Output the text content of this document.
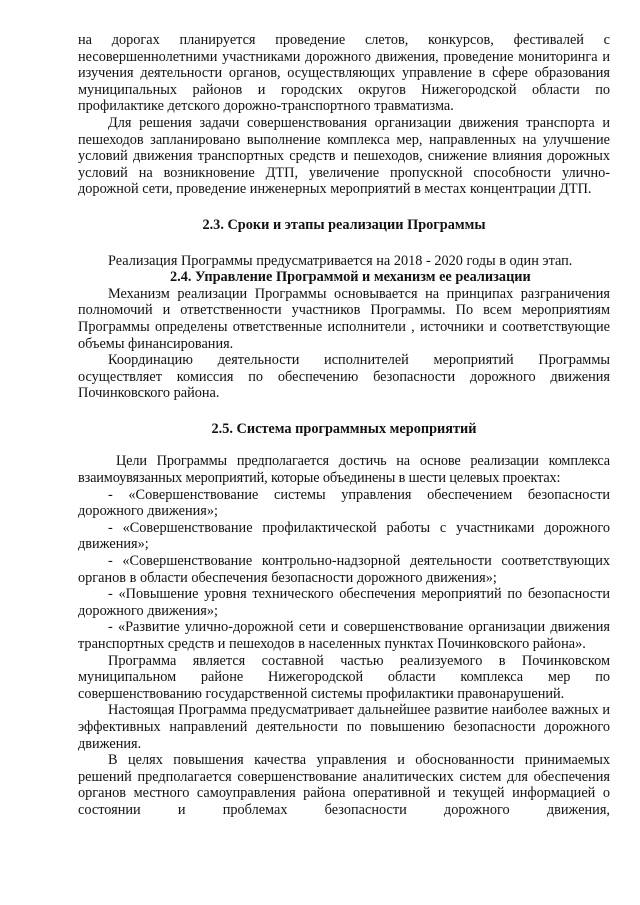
на дорогах планируется проведение слетов, конкурсов, фестивалей с несовершеннолетними участниками дорожного движения, проведение мониторинга и изучения деятельности органов, осуществляющих управление в сфере образования муниципальных районов и городских округов Нижегородской области по профилактике детского дорожно-транспортного травматизма.

Для решения задачи совершенствования организации движения транспорта и пешеходов запланировано выполнение комплекса мер, направленных на улучшение условий движения транспортных средств и пешеходов, снижение влияния дорожных условий на возникновение ДТП, увеличение пропускной способности улично-дорожной сети, проведение инженерных мероприятий в местах концентрации ДТП.

2.3. Сроки и этапы реализации Программы

Реализация Программы предусматривается на 2018 - 2020 годы в один этап.

2.4. Управление Программой и механизм ее реализации

Механизм реализации Программы основывается на принципах разграничения полномочий и ответственности участников Программы. По всем мероприятиям Программы определены ответственные исполнители , источники и соответствующие объемы финансирования.

Координацию деятельности исполнителей мероприятий Программы осуществляет комиссия по обеспечению безопасности дорожного движения Починковского района.

2.5. Система программных мероприятий

Цели Программы предполагается достичь на основе реализации комплекса взаимоувязанных мероприятий, которые объединены в шести целевых проектах:

- «Совершенствование системы управления обеспечением безопасности дорожного движения»;

- «Совершенствование профилактической работы с участниками дорожного движения»;

- «Совершенствование контрольно-надзорной деятельности соответствующих органов в области обеспечения безопасности дорожного движения»;

- «Повышение уровня технического обеспечения мероприятий по безопасности дорожного движения»;

- «Развитие улично-дорожной сети и совершенствование организации движения транспортных средств и пешеходов в населенных пунктах Починковского района».

Программа является составной частью реализуемого в Починковском муниципальном районе Нижегородской области комплекса мер по совершенствованию государственной системы профилактики правонарушений.

Настоящая Программа предусматривает дальнейшее развитие наиболее важных и эффективных направлений деятельности по повышению безопасности дорожного движения.

В целях повышения качества управления и обоснованности принимаемых решений предполагается совершенствование аналитических систем для обеспечения органов местного самоуправления района оперативной и текущей информацией о состоянии и проблемах безопасности дорожного движения,
